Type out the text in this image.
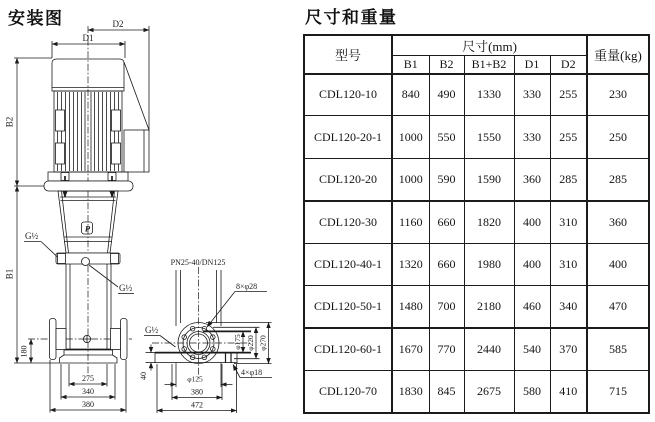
安装图
P
D2
D1
B2
B1
180
275
340
380
G½
G½
PN25-40/DN125
8×φ28
G½
φ175 φ220 φ270
40	4×φ18
φ125
380
472
尺寸和重量
型号	尺寸(mm)					重量(kg)
	B1	B2	B1+B2	D1	D2	
CDL120-10	840	490	1330	330	255	230
CDL120-20-1	1000	550	1550	330	255	250
CDL120-20	1000	590	1590	360	285	285
CDL120-30	1160	660	1820	400	310	360
CDL120-40-1	1320	660	1980	400	310	400
CDL120-50-1	1480	700	2180	460	340	470
CDL120-60-1	1670	770	2440	540	370	585
CDL120-70	1830	845	2675	580	410	715
